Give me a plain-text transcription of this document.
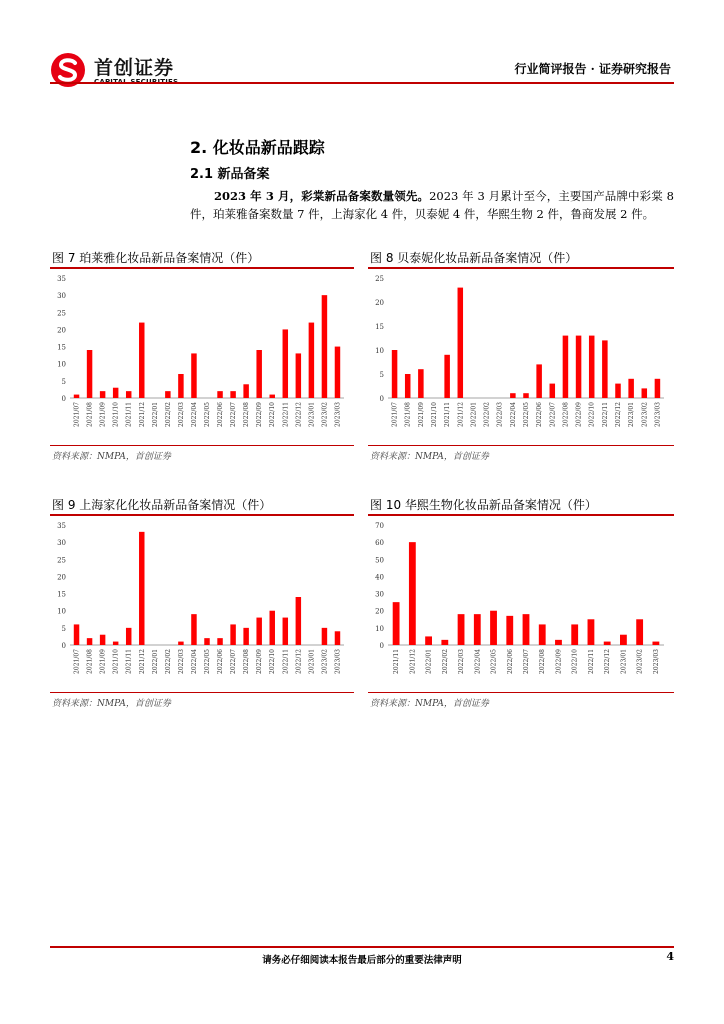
首创证券	行业简评报告 · 证券研究报告
2. 化妆品新品跟踪
2.1 新品备案
2023 年 3 月，彩棠新品备案数量领先。2023 年 3 月累计至今，主要国产品牌中彩棠 8 件，珀莱雅备案数量 7 件，上海家化 4 件，贝泰妮 4 件，华熙生物 2 件，鲁商发展 2 件。
图 7 珀莱雅化妆品新品备案情况（件）
0
5
10
15
20
25
30
35
2021/07 2021/08 2021/09 2021/10 2021/11 2021/12 2022/01 2022/02 2022/03 2022/04 2022/05 2022/06 2022/07 2022/08 2022/09 2022/10 2022/11 2022/12 2023/01 2023/02 2023/03
资料来源：NMPA，首创证券
图 8 贝泰妮化妆品新品备案情况（件）
0
5
10
15
20
25
2021/07 2021/08 2021/09 2021/10 2021/11 2021/12 2022/01 2022/02 2022/03 2022/04 2022/05 2022/06 2022/07 2022/08 2022/09 2022/10 2022/11 2022/12 2023/01 2023/02 2023/03
资料来源：NMPA，首创证券
图 9 上海家化化妆品新品备案情况（件）
0
5
10
15
20
25
30
35
2021/07 2021/08 2021/09 2021/10 2021/11 2021/12 2022/01 2022/02 2022/03 2022/04 2022/05 2022/06 2022/07 2022/08 2022/09 2022/10 2022/11 2022/12 2023/01 2023/02 2023/03
资料来源：NMPA，首创证券
图 10 华熙生物化妆品新品备案情况（件）
0
10
20
30
40
50
60
70
2021/11 2021/12 2022/01 2022/02 2022/03 2022/04 2022/05 2022/06 2022/07 2022/08 2022/09 2022/10 2022/11 2022/12 2023/01 2023/02 2023/03
资料来源：NMPA，首创证券
请务必仔细阅读本报告最后部分的重要法律声明	4
